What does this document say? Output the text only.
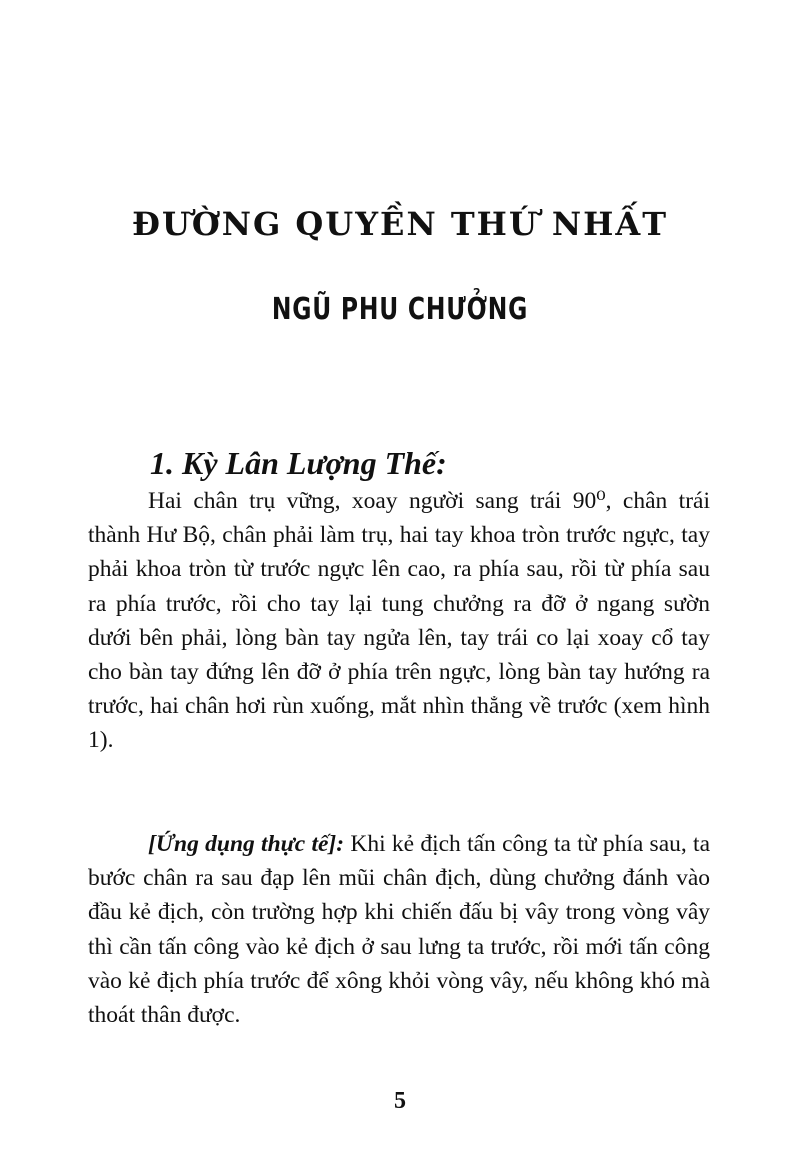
ĐƯỜNG QUYỀN THỨ NHẤT
NGŨ PHU CHƯỞNG
1. Kỳ Lân Lượng Thế:

Hai chân trụ vững, xoay người sang trái 90⁰, chân trái thành Hư Bộ, chân phải làm trụ, hai tay khoa tròn trước ngực, tay phải khoa tròn từ trước ngực lên cao, ra phía sau, rồi từ phía sau ra phía trước, rồi cho tay lại tung chưởng ra đỡ ở ngang sườn dưới bên phải, lòng bàn tay ngửa lên, tay trái co lại xoay cổ tay cho bàn tay đứng lên đỡ ở phía trên ngực, lòng bàn tay hướng ra trước, hai chân hơi rùn xuống, mắt nhìn thẳng về trước (xem hình 1).

[Ứng dụng thực tế]: Khi kẻ địch tấn công ta từ phía sau, ta bước chân ra sau đạp lên mũi chân địch, dùng chưởng đánh vào đầu kẻ địch, còn trường hợp khi chiến đấu bị vây trong vòng vây thì cần tấn công vào kẻ địch ở sau lưng ta trước, rồi mới tấn công vào kẻ địch phía trước để xông khỏi vòng vây, nếu không khó mà thoát thân được.

5
